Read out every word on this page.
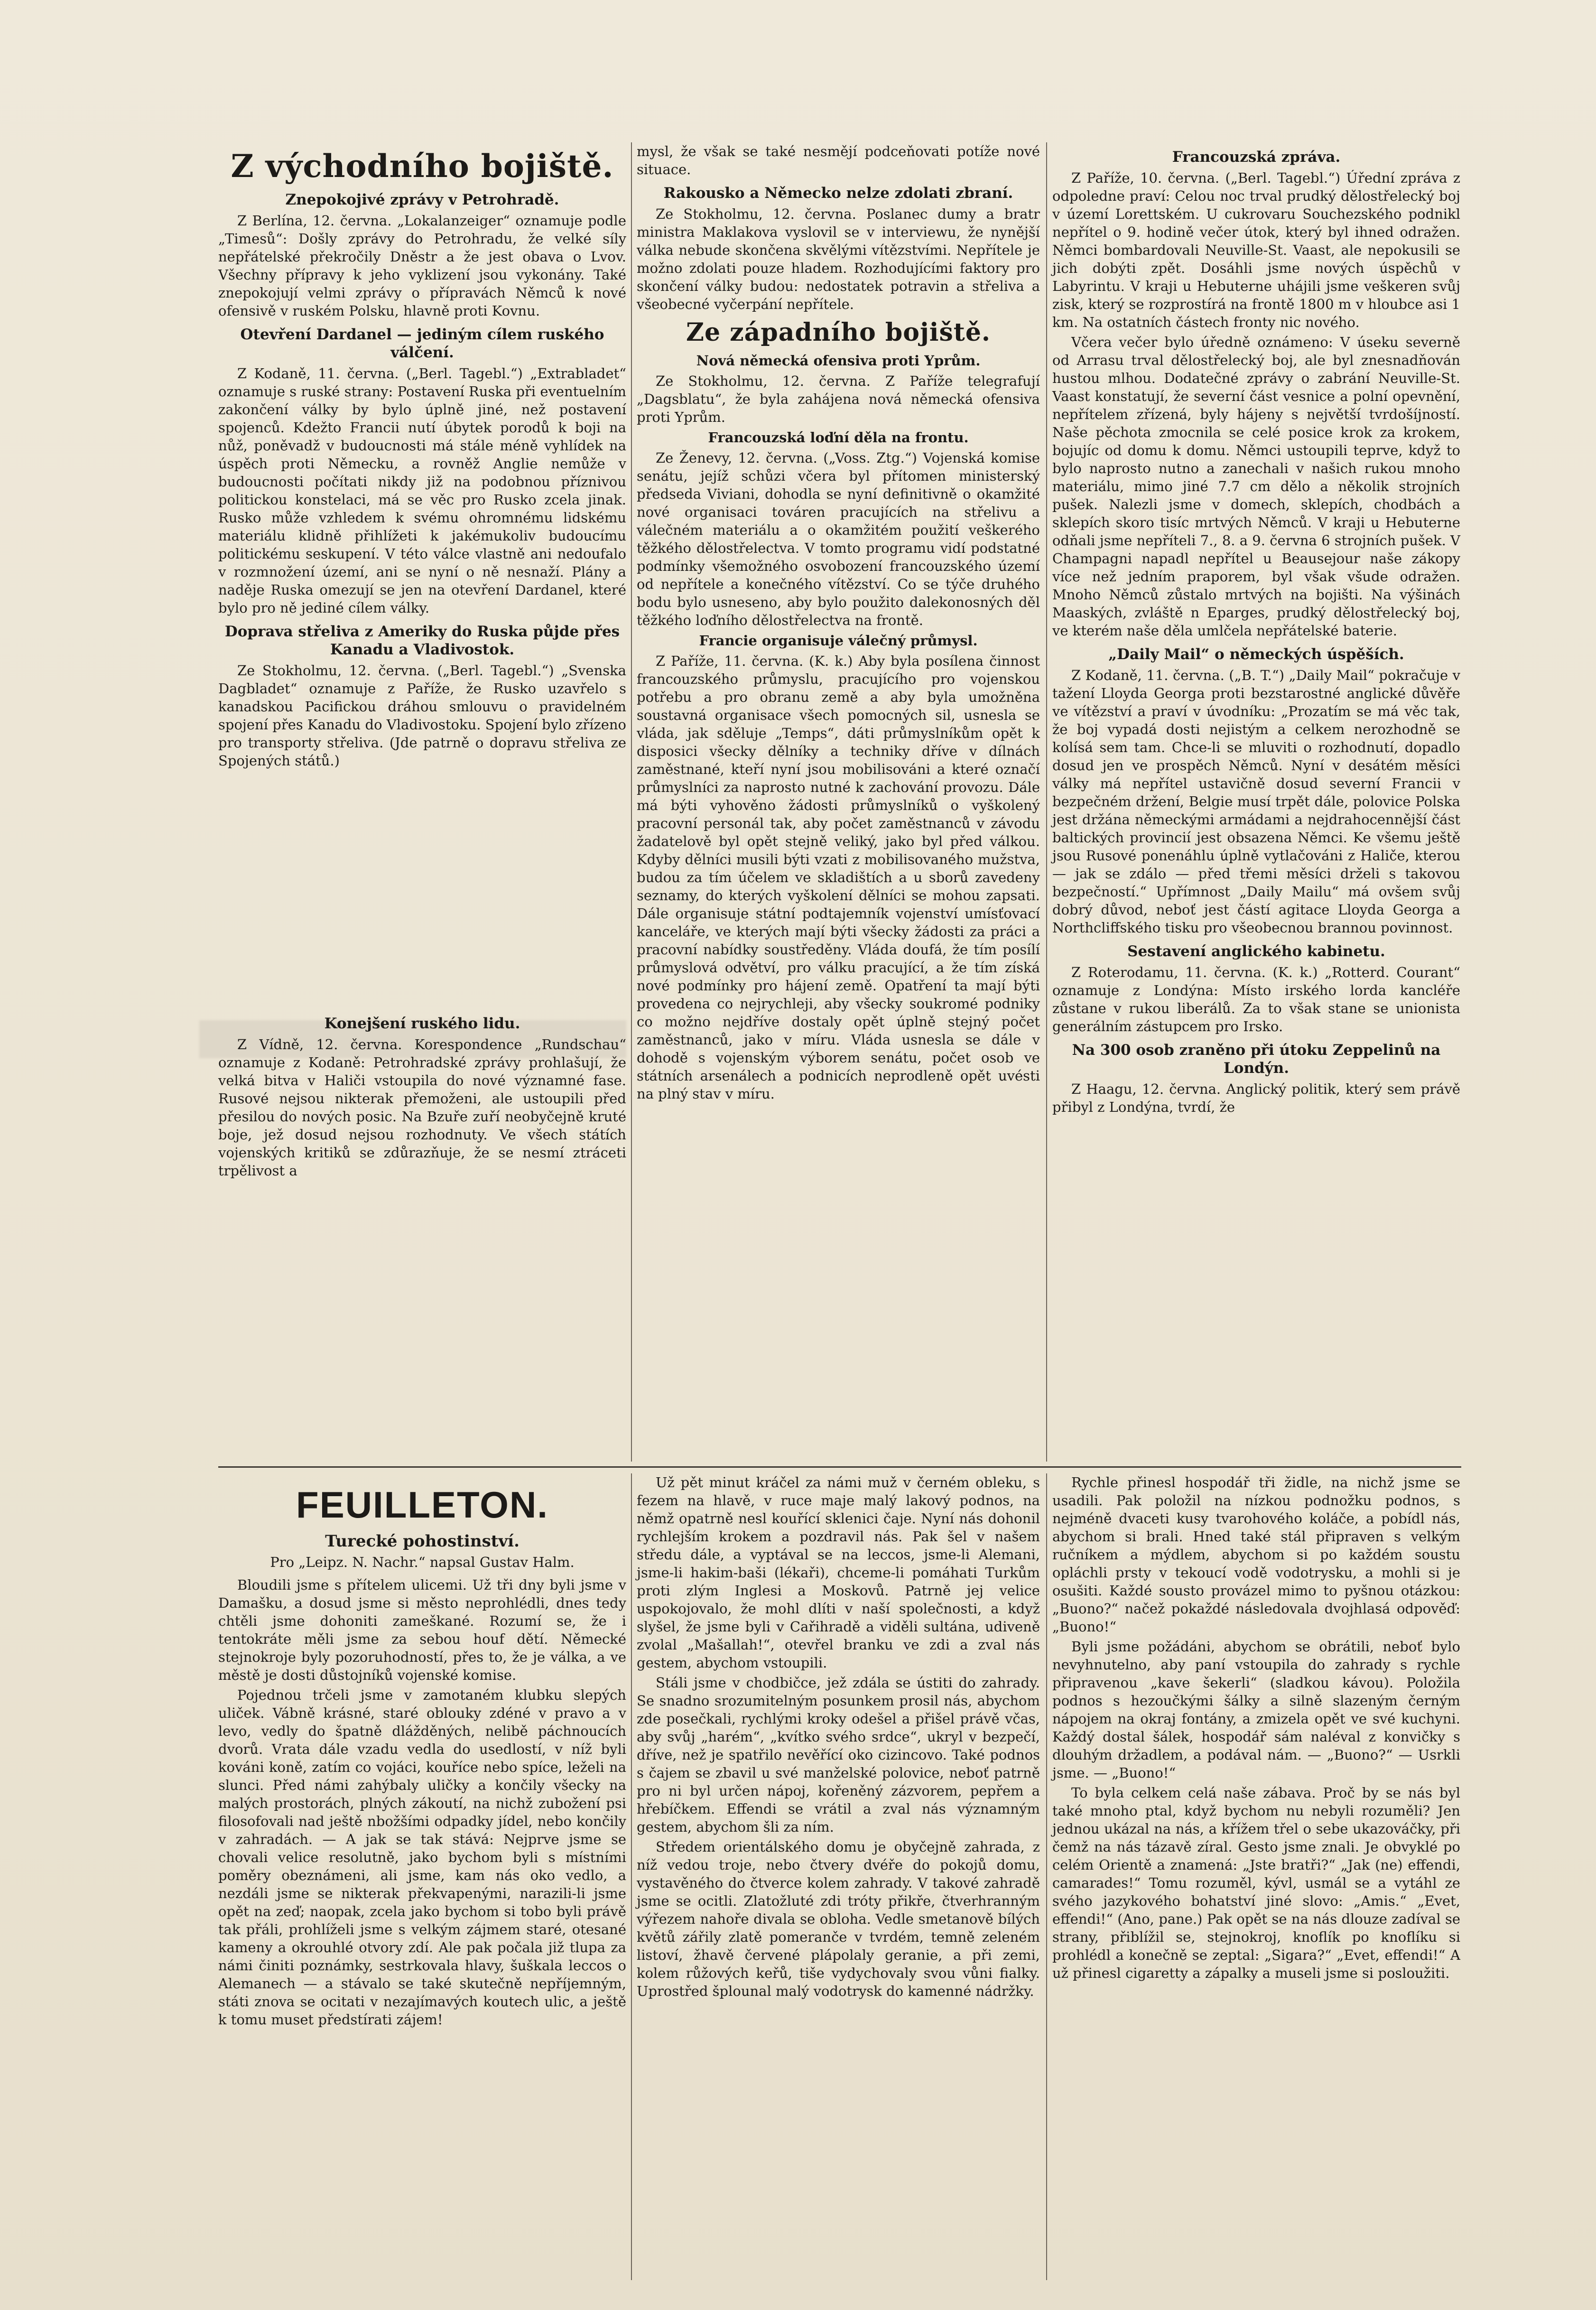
Z východního bojiště.
Znepokojivé zprávy v Petrohradě.

Z Berlína, 12. června. „Lokalanzeiger“ oznamuje podle „Timesů“: Došly zprávy do Petrohradu, že velké síly nepřátelské překročily Dněstr a že jest obava o Lvov. Všechny přípravy k jeho vyklizení jsou vykonány. Také znepokojují velmi zprávy o přípravách Němců k nové ofensivě v ruském Polsku, hlavně proti Kovnu.

Otevření Dardanel — jediným cílem ruského válčení.

Z Kodaně, 11. června. („Berl. Tagebl.“) „Extrabladet“ oznamuje s ruské strany: Postavení Ruska při eventuelním zakončení války by bylo úplně jiné, než postavení spojenců. Kdežto Francii nutí úbytek porodů k boji na nůž, poněvadž v budoucnosti má stále méně vyhlídek na úspěch proti Německu, a rovněž Anglie nemůže v budoucnosti počítati nikdy již na podobnou příznivou politickou konstelaci, má se věc pro Rusko zcela jinak. Rusko může vzhledem k svému ohromnému lidskému materiálu klidně přihlížeti k jakémukoliv budoucímu politickému seskupení. V této válce vlastně ani nedoufalo v rozmnožení území, ani se nyní o ně nesnaží. Plány a naděje Ruska omezují se jen na otevření Dardanel, které bylo pro ně jediné cílem války.

Doprava střeliva z Ameriky do Ruska půjde přes Kanadu a Vladivostok.

Ze Stokholmu, 12. června. („Berl. Tagebl.“) „Svenska Dagbladet“ oznamuje z Paříže, že Rusko uzavřelo s kanadskou Pacifickou dráhou smlouvu o pravidelném spojení přes Kanadu do Vladivostoku. Spojení bylo zřízeno pro transporty střeliva. (Jde patrně o dopravu střeliva ze Spojených států.)

Konejšení ruského lidu.

Z Vídně, 12. června. Korespondence „Rundschau“ oznamuje z Kodaně: Petrohradské zprávy prohlašují, že velká bitva v Haliči vstoupila do nové významné fase. Rusové nejsou nikterak přemoženi, ale ustoupili před přesilou do nových posic. Na Bzuře zuří neobyčejně kruté boje, jež dosud nejsou rozhodnuty. Ve všech státích vojenských kritiků se zdůrazňuje, že se nesmí ztráceti trpělivost a

mysl, že však se také nesmějí podceňovati potíže nové situace.

Rakousko a Německo nelze zdolati zbraní.

Ze Stokholmu, 12. června. Poslanec dumy a bratr ministra Maklakova vyslovil se v interviewu, že nynější válka nebude skončena skvělými vítězstvími. Nepřítele je možno zdolati pouze hladem. Rozhodujícími faktory pro skončení války budou: nedostatek potravin a střeliva a všeobecné vyčerpání nepřítele.

Ze západního bojiště.
Nová německá ofensiva proti Yprům.

Ze Stokholmu, 12. června. Z Paříže telegrafují „Dagsblatu“, že byla zahájena nová německá ofensiva proti Yprům.

Francouzská loďní děla na frontu.

Ze Ženevy, 12. června. („Voss. Ztg.“) Vojenská komise senátu, jejíž schůzi včera byl přítomen ministerský předseda Viviani, dohodla se nyní definitivně o okamžité nové organisaci továren pracujících na střelivu a válečném materiálu a o okamžitém použití veškerého těžkého dělostřelectva. V tomto programu vidí podstatné podmínky všemožného osvobození francouzského území od nepřítele a konečného vítězství. Co se týče druhého bodu bylo usneseno, aby bylo použito dalekonosných děl těžkého loďního dělostřelectva na frontě.

Francie organisuje válečný průmysl.

Z Paříže, 11. června. (K. k.) Aby byla posílena činnost francouzského průmyslu, pracujícího pro vojenskou potřebu a pro obranu země a aby byla umožněna soustavná organisace všech pomocných sil, usnesla se vláda, jak sděluje „Temps“, dáti průmyslníkům opět k disposici všecky dělníky a techniky dříve v dílnách zaměstnané, kteří nyní jsou mobilisováni a které označí průmyslníci za naprosto nutné k zachování provozu. Dále má býti vyhověno žádosti průmyslníků o vyškolený pracovní personál tak, aby počet zaměstnanců v závodu žadatelově byl opět stejně veliký, jako byl před válkou. Kdyby dělníci musili býti vzati z mobilisovaného mužstva, budou za tím účelem ve skladištích a u sborů zavedeny seznamy, do kterých vyškolení dělníci se mohou zapsati. Dále organisuje státní podtajemník vojenství umísťovací kanceláře, ve kterých mají býti všecky žádosti za práci a pracovní nabídky soustředěny. Vláda doufá, že tím posílí průmyslová odvětví, pro válku pracující, a že tím získá nové podmínky pro hájení země. Opatření ta mají býti provedena co nejrychleji, aby všecky soukromé podniky co možno nejdříve dostaly opět úplně stejný počet zaměstnanců, jako v míru. Vláda usnesla se dále v dohodě s vojenským výborem senátu, počet osob ve státních arsenálech a podnicích neprodleně opět uvésti na plný stav v míru.

Francouzská zpráva.

Z Paříže, 10. června. („Berl. Tagebl.“) Úřední zpráva z odpoledne praví: Celou noc trval prudký dělostřelecký boj v území Lorettském. U cukrovaru Souchezského podnikl nepřítel o 9. hodině večer útok, který byl ihned odražen. Němci bombardovali Neuville-St. Vaast, ale nepokusili se jich dobýti zpět. Dosáhli jsme nových úspěchů v Labyrintu. V kraji u Hebuterne uhájili jsme veškeren svůj zisk, který se rozprostírá na frontě 1800 m v hloubce asi 1 km. Na ostatních částech fronty nic nového.

Včera večer bylo úředně oznámeno: V úseku severně od Arrasu trval dělostřelecký boj, ale byl znesnadňován hustou mlhou. Dodatečné zprávy o zabrání Neuville-St. Vaast konstatují, že severní část vesnice a polní opevnění, nepřítelem zřízená, byly hájeny s největší tvrdošíjností. Naše pěchota zmocnila se celé posice krok za krokem, bojujíc od domu k domu. Němci ustoupili teprve, když to bylo naprosto nutno a zanechali v našich rukou mnoho materiálu, mimo jiné 7.7 cm dělo a několik strojních pušek. Nalezli jsme v domech, sklepích, chodbách a sklepích skoro tisíc mrtvých Němců. V kraji u Hebuterne odňali jsme nepříteli 7., 8. a 9. června 6 strojních pušek. V Champagni napadl nepřítel u Beausejour naše zákopy více než jedním praporem, byl však všude odražen. Mnoho Němců zůstalo mrtvých na bojišti. Na výšinách Maaských, zvláště n Eparges, prudký dělostřelecký boj, ve kterém naše děla umlčela nepřátelské baterie.

„Daily Mail“ o německých úspěších.

Z Kodaně, 11. června. („B. T.“) „Daily Mail“ pokračuje v tažení Lloyda Georga proti bezstarostné anglické důvěře ve vítězství a praví v úvodníku: „Prozatím se má věc tak, že boj vypadá dosti nejistým a celkem nerozhodně se kolísá sem tam. Chce-li se mluviti o rozhodnutí, dopadlo dosud jen ve prospěch Němců. Nyní v desátém měsíci války má nepřítel ustavičně dosud severní Francii v bezpečném držení, Belgie musí trpět dále, polovice Polska jest držána německými armádami a nejdrahocennější část baltických provincií jest obsazena Němci. Ke všemu ještě jsou Rusové ponenáhlu úplně vytlačováni z Haliče, kterou — jak se zdálo — před třemi měsíci drželi s takovou bezpečností.“ Upřímnost „Daily Mailu“ má ovšem svůj dobrý důvod, neboť jest částí agitace Lloyda Georga a Northcliffského tisku pro všeobecnou brannou povinnost.

Sestavení anglického kabinetu.

Z Roterodamu, 11. června. (K. k.) „Rotterd. Courant“ oznamuje z Londýna: Místo irského lorda kancléře zůstane v rukou liberálů. Za to však stane se unionista generálním zástupcem pro Irsko.

Na 300 osob zraněno při útoku Zeppelinů na Londýn.

Z Haagu, 12. června. Anglický politik, který sem právě přibyl z Londýna, tvrdí, že

FEUILLETON.
Turecké pohostinství.
Pro „Leipz. N. Nachr.“ napsal Gustav Halm.

Bloudili jsme s přítelem ulicemi. Už tři dny byli jsme v Damašku, a dosud jsme si město neprohlédli, dnes tedy chtěli jsme dohoniti zameškané. Rozumí se, že i tentokráte měli jsme za sebou houf dětí. Německé stejnokroje byly pozoruhodností, přes to, že je válka, a ve městě je dosti důstojníků vojenské komise.

Pojednou trčeli jsme v zamotaném klubku slepých uliček. Vábně krásné, staré oblouky zdéné v pravo a v levo, vedly do špatně dlážděných, nelibě páchnoucích dvorů. Vrata dále vzadu vedla do usedlostí, v níž byli kováni koně, zatím co vojáci, kouříce nebo spíce, leželi na slunci. Před námi zahýbaly uličky a končily všecky na malých prostorách, plných zákoutí, na nichž zubožení psi filosofovali nad ještě nbožšími odpadky jídel, nebo končily v zahradách. — A jak se tak stává: Nejprve jsme se chovali velice resolutně, jako bychom byli s místními poměry obeznámeni, ali jsme, kam nás oko vedlo, a nezdáli jsme se nikterak překvapenými, narazili-li jsme opět na zeď; naopak, zcela jako bychom si tobo byli právě tak přáli, prohlíželi jsme s velkým zájmem staré, otesané kameny a okrouhlé otvory zdí. Ale pak počala již tlupa za námi činiti poznámky, sestrkovala hlavy, šuškala leccos o Alemanech — a stávalo se také skutečně nepříjemným, státi znova se ocitati v nezajímavých koutech ulic, a ještě k tomu muset předstírati zájem!

Už pět minut kráčel za námi muž v černém obleku, s fezem na hlavě, v ruce maje malý lakový podnos, na němž opatrně nesl kouřící sklenici čaje. Nyní nás dohonil rychlejším krokem a pozdravil nás. Pak šel v našem středu dále, a vyptával se na leccos, jsme-li Alemani, jsme-li hakim-baši (lékaři), chceme-li pomáhati Turkům proti zlým Inglesi a Moskovů. Patrně jej velice uspokojovalo, že mohl dlíti v naší společnosti, a když slyšel, že jsme byli v Cařihradě a viděli sultána, udiveně zvolal „Mašallah!“, otevřel branku ve zdi a zval nás gestem, abychom vstoupili.

Stáli jsme v chodbičce, jež zdála se ústiti do zahrady. Se snadno srozumitelným posunkem prosil nás, abychom zde posečkali, rychlými kroky odešel a přišel právě včas, aby svůj „harém“, „kvítko svého srdce“, ukryl v bezpečí, dříve, než je spatřilo nevěřící oko cizincovo. Také podnos s čajem se zbavil u své manželské polovice, neboť patrně pro ni byl určen nápoj, kořeněný zázvorem, pepřem a hřebíčkem. Effendi se vrátil a zval nás významným gestem, abychom šli za ním.

Středem orientálského domu je obyčejně zahrada, z níž vedou troje, nebo čtvery dvéře do pokojů domu, vystavěného do čtverce kolem zahrady. V takové zahradě jsme se ocitli. Zlatožluté zdi tróty přikře, čtverhranným výřezem nahoře divala se obloha. Vedle smetanově bílých květů zářily zlatě pomeranče v tvrdém, temně zeleném listoví, žhavě červené plápolaly geranie, a při zemi, kolem růžových keřů, tiše vydychovaly svou vůni fialky. Uprostřed šplounal malý vodotrysk do kamenné nádržky.

Rychle přinesl hospodář tři židle, na nichž jsme se usadili. Pak položil na nízkou podnožku podnos, s nejméně dvaceti kusy tvarohového koláče, a pobídl nás, abychom si brali. Hned také stál připraven s velkým ručníkem a mýdlem, abychom si po každém soustu opláchli prsty v tekoucí vodě vodotrysku, a mohli si je osušiti. Každé sousto provázel mimo to pyšnou otázkou: „Buono?“ načež pokaždé následovala dvojhlasá odpověď: „Buono!“

Byli jsme požádáni, abychom se obrátili, neboť bylo nevyhnutelno, aby paní vstoupila do zahrady s rychle připravenou „kave šekerli“ (sladkou kávou). Položila podnos s hezoučkými šálky a silně slazeným černým nápojem na okraj fontány, a zmizela opět ve své kuchyni. Každý dostal šálek, hospodář sám naléval z konvičky s dlouhým držadlem, a podával nám. — „Buono?“ — Usrkli jsme. — „Buono!“

To byla celkem celá naše zábava. Proč by se nás byl také mnoho ptal, když bychom nu nebyli rozuměli? Jen jednou ukázal na nás, a křížem třel o sebe ukazováčky, při čemž na nás tázavě zíral. Gesto jsme znali. Je obvyklé po celém Orientě a znamená: „Jste bratři?“ „Jak (ne) effendi, camarades!“ Tomu rozuměl, kývl, usmál se a vytáhl ze svého jazykového bohatství jiné slovo: „Amis.“ „Evet, effendi!“ (Ano, pane.) Pak opět se na nás dlouze zadíval se strany, přiblížil se, stejnokroj, knoflík po knoflíku si prohlédl a konečně se zeptal: „Sigara?“ „Evet, effendi!“ A už přinesl cigaretty a zápalky a museli jsme si posloužiti.
